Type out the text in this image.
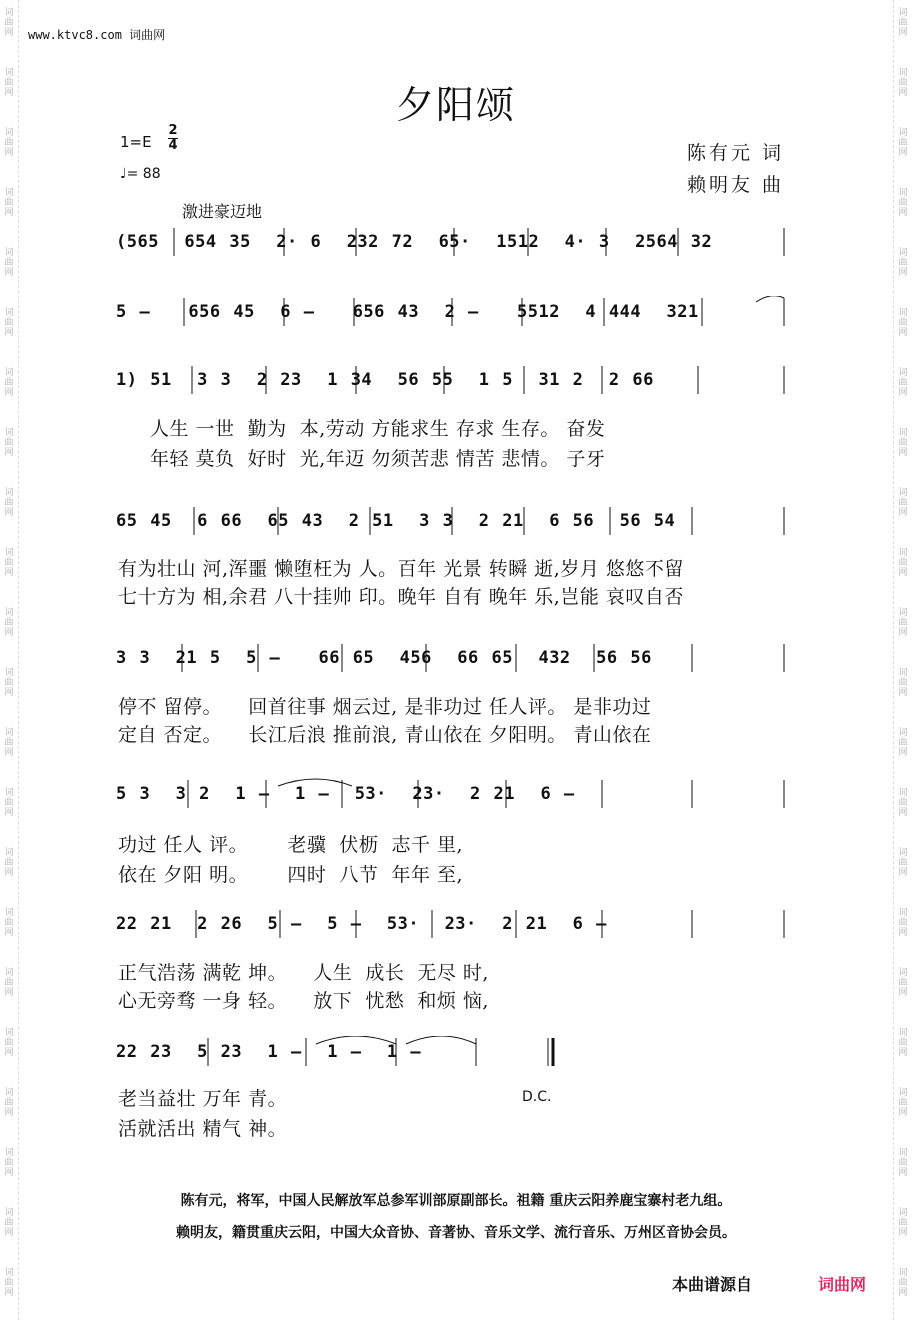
词曲网
词曲网
词曲网
词曲网
词曲网
词曲网
词曲网
词曲网
词曲网
词曲网
词曲网
词曲网
词曲网
词曲网
词曲网
词曲网
词曲网
词曲网
词曲网
词曲网
词曲网
词曲网
词曲网
词曲网
词曲网
词曲网
词曲网
词曲网
词曲网
词曲网
词曲网
词曲网
词曲网
词曲网
词曲网
词曲网
词曲网
词曲网
词曲网
词曲网
词曲网
词曲网
词曲网
词曲网
www.ktvc8.com 词曲网
夕阳颂
1=E
2
4
♩= 88
陈有元 词
赖明友 曲
激进豪迈地
(565  654 35  2· 6  232 72  65·  1512  4· 3  2564 32
5 –   656 45  6 –   656 43  2 –   5512  4 444  321
1) 51  3 3  2 23  1 34  56 55  1 5  31 2  2 66
人生 一世  勤为  本,劳动 方能求生 存求 生存。 奋发
年轻 莫负  好时  光,年迈 勿须苦悲 情苦 悲情。 子牙
65 45  6 66  65 43  2 51  3 3  2 21  6 56  56 54
有为壮山 河,浑噩 懒堕枉为 人。百年 光景 转瞬 逝,岁月 悠悠不留
七十方为 相,余君 八十挂帅 印。晚年 自有 晚年 乐,岂能 哀叹自否
3 3  21 5  5 –   66 65  456  66 65  432  56 56
停不 留停。    回首往事 烟云过, 是非功过 任人评。 是非功过
定自 否定。    长江后浪 推前浪, 青山依在 夕阳明。 青山依在
5 3  3 2  1 –  1 –  53·  23·  2 21  6 –
功过 任人 评。      老骥  伏枥  志千 里,
依在 夕阳 明。      四时  八节  年年 至,
22 21  2 26  5 –  5 –  53·  23·  2 21  6 –
正气浩荡 满乾 坤。    人生  成长  无尽 时,
心无旁骛 一身 轻。    放下  忧愁  和烦 恼,
22 23  5 23  1 –  1 –  1 –
老当益壮 万年 青。
活就活出 精气 神。
D.C.
陈有元，将军，中国人民解放军总参军训部原副部长。祖籍 重庆云阳养鹿宝寨村老九组。
赖明友，籍贯重庆云阳，中国大众音协、音著协、音乐文学、流行音乐、万州区音协会员。
本曲谱源自	词曲网
